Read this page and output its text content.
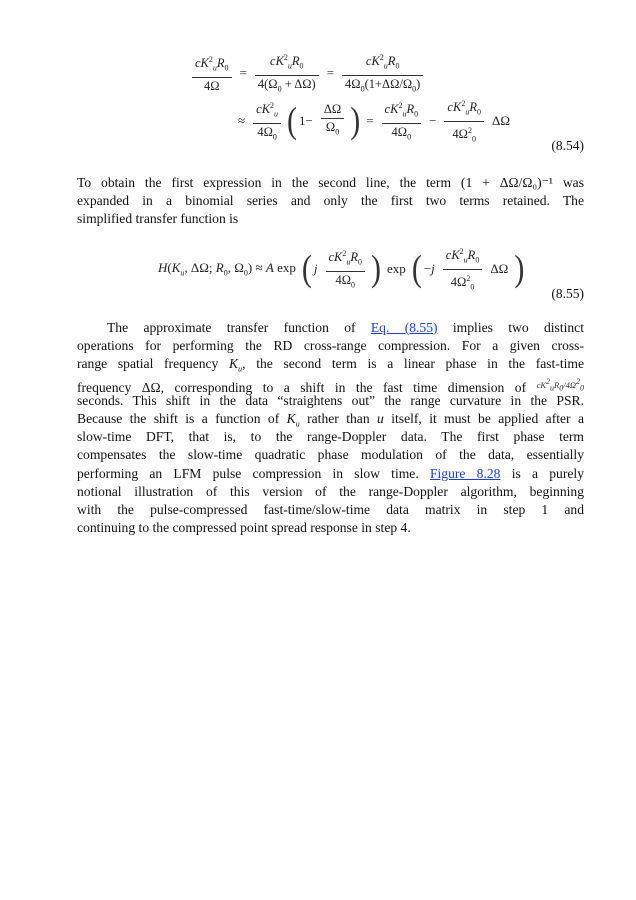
$\frac{cK^2_uR_0}{4\Omega} = \frac{cK^2_uR_0}{4(\Omega_0 + \Delta\Omega)} = \frac{cK^2_uR_0}{4\Omega_0(1+\Delta\Omega/\Omega_0)}$
≈ $\frac{cK^2_u}{4\Omega_0}$ ( $1- \frac{\Delta\Omega}{\Omega_0}$ ) = $\frac{cK^2_uR_0}{4\Omega_0} - \frac{cK^2_uR_0}{4\Omega^2_0}$ ΔΩ
(8.54)
To obtain the first expression in the second line, the term (1 + ΔΩ/Ω₀)⁻¹ was
expanded in a binomial series and only the first two terms retained. The
simplified transfer function is
$H(K_u$, ΔΩ; $R_0$, $\Omega_0) \approx A$ exp ( j $\frac{cK^2_uR_0}{4\Omega_0}$ ) exp ( $-j \frac{cK^2_uR_0}{4\Omega^2_0}$ ΔΩ )
(8.55)
The approximate transfer function of Eq. (8.55) implies two distinct
operations for performing the RD cross-range compression. For a given cross-
range spatial frequency $K_u$, the second term is a linear phase in the fast-time
frequency ΔΩ, corresponding to a shift in the fast time dimension of $^{cK^2_uR_0/4\Omega^2_0}$
seconds. This shift in the data “straightens out” the range curvature in the PSR.
Because the shift is a function of $K_u$ rather than u itself, it must be applied after a
slow-time DFT, that is, to the range-Doppler data. The first phase term
compensates the slow-time quadratic phase modulation of the data, essentially
performing an LFM pulse compression in slow time. Figure 8.28 is a purely
notional illustration of this version of the range-Doppler algorithm, beginning
with the pulse-compressed fast-time/slow-time data matrix in step 1 and
continuing to the compressed point spread response in step 4.
